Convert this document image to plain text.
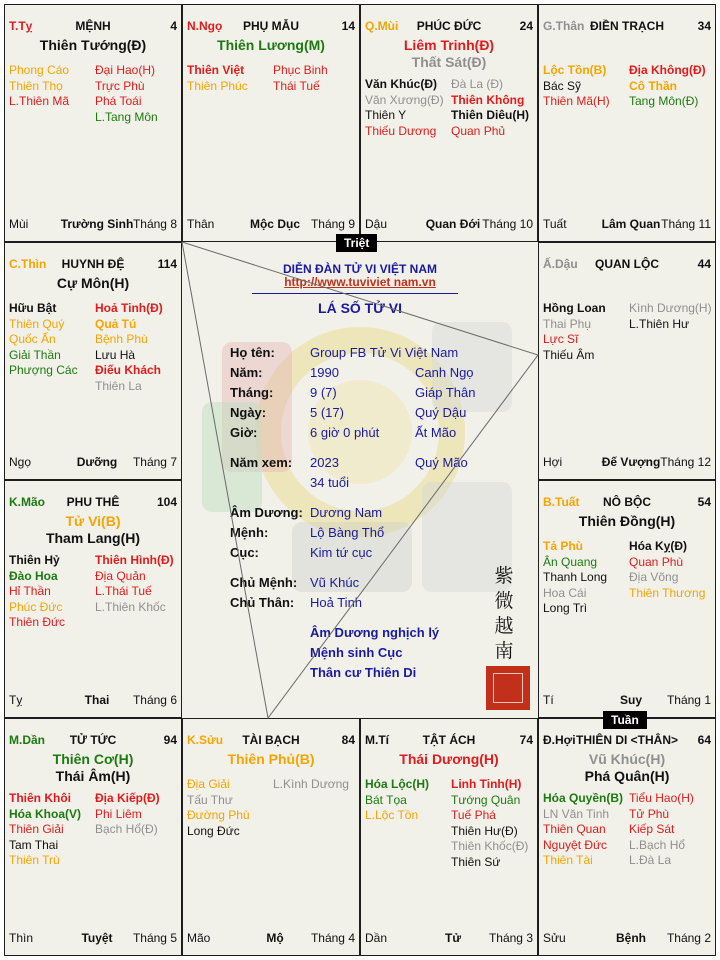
DIỄN ĐÀN TỬ VI VIỆT NAM
http://www.tuviviet nam.vn
LÁ SỐ TỬ VI
Họ tên:	Group FB Tử Vi Việt Nam
Năm:	1990	Canh Ngọ
Tháng:	9 (7)	Giáp Thân
Ngày:	5 (17)	Quý Dậu
Giờ:	6 giờ 0 phút	Ất Mão
Năm xem: 2023	Quý Mão
34 tuổi
Âm Dương: Dương Nam
Mệnh:	Lộ Bàng Thổ
Cục:	Kim tứ cục
Chủ Mệnh: Vũ Khúc
Chủ Thân: Hoả Tinh
Âm Dương nghịch lý
Mệnh sinh Cục
Thân cư Thiên Di
紫
微
越
南
Triệt
Tuần
MỆNH
T.Tỵ	4
Thiên Tướng(Đ)
Phong Cáo
Thiên Thọ
L.Thiên Mã
Đại Hao(H)
Trực Phù
Phá Toái
L.Tang Môn
Mùi	Trường Sinh Tháng 8
PHỤ MẪU
N.Ngọ	14
Thiên Lương(M)
Thiên Việt
Thiên Phúc
Phục Binh
Thái Tuế
Thân	Mộc Dục Tháng 9
PHÚC ĐỨC
Q.Mùi	24
Liêm Trinh(Đ)
Thất Sát(Đ)
Văn Khúc(Đ)
Văn Xương(Đ)
Thiên Y
Thiếu Dương
Đà La (Đ)
Thiên Không
Thiên Diêu(H)
Quan Phủ
Dậu	Quan Đới Tháng 10
ĐIỀN TRẠCH
G.Thân	34
Lộc Tồn(B)
Bác Sỹ
Thiên Mã(H)
Địa Không(Đ)
Cô Thần
Tang Môn(Đ)
Tuất	Lâm Quan Tháng 11
HUYNH ĐỆ
C.Thìn	114
Cự Môn(H)
Hữu Bật
Thiên Quý
Quốc Ấn
Giải Thần
Phượng Các
Hoả Tinh(Đ)
Quả Tú
Bệnh Phù
Lưu Hà
Điếu Khách
Thiên La
Ngọ	Dưỡng	Tháng 7
QUAN LỘC
Ấ.Dậu	44
Hồng Loan
Thai Phụ
Lực Sĩ
Thiếu Âm
Kình Dương(H)
L.Thiên Hư
Hợi	Đế Vượng Tháng 12
PHU THÊ
K.Mão	104
Tử Vi(B)
Tham Lang(H)
Thiên Hỷ
Đào Hoa
Hỉ Thần
Phúc Đức
Thiên Đức
Thiên Hình(Đ)
Địa Quản
L.Thái Tuế
L.Thiên Khốc
Tỵ	Thai	Tháng 6
NÔ BỘC
B.Tuất	54
Thiên Đồng(H)
Tả Phù
Ân Quang
Thanh Long
Hoa Cái
Long Trì
Hóa Kỵ(Đ)
Quan Phù
Địa Võng
Thiên Thương
Tí	Suy	Tháng 1
TỬ TỨC
M.Dần	94
Thiên Cơ(H)
Thái Âm(H)
Thiên Khôi
Hóa Khoa(V)
Thiên Giải
Tam Thai
Thiên Trù
Địa Kiếp(Đ)
Phi Liêm
Bạch Hổ(Đ)
Thìn	Tuyệt	Tháng 5
TÀI BẠCH
K.Sửu	84
Thiên Phủ(B)
Địa Giải
Tấu Thư
Đường Phù
Long Đức
L.Kình Dương
Mão	Mộ	Tháng 4
TẬT ÁCH
M.Tí	74
Thái Dương(H)
Hóa Lộc(H)
Bát Tọa
L.Lộc Tồn
Linh Tinh(H)
Tướng Quân
Tuế Phá
Thiên Hư(Đ)
Thiên Khốc(Đ)
Thiên Sứ
Dần	Tử	Tháng 3
THIÊN DI <THÂN>
Đ.Hợi	64
Vũ Khúc(H)
Phá Quân(H)
Hóa Quyền(B)
LN Văn Tinh
Thiên Quan
Nguyệt Đức
Thiên Tài
Tiểu Hao(H)
Tử Phù
Kiếp Sát
L.Bạch Hổ
L.Đà La
Sửu	Bệnh	Tháng 2
